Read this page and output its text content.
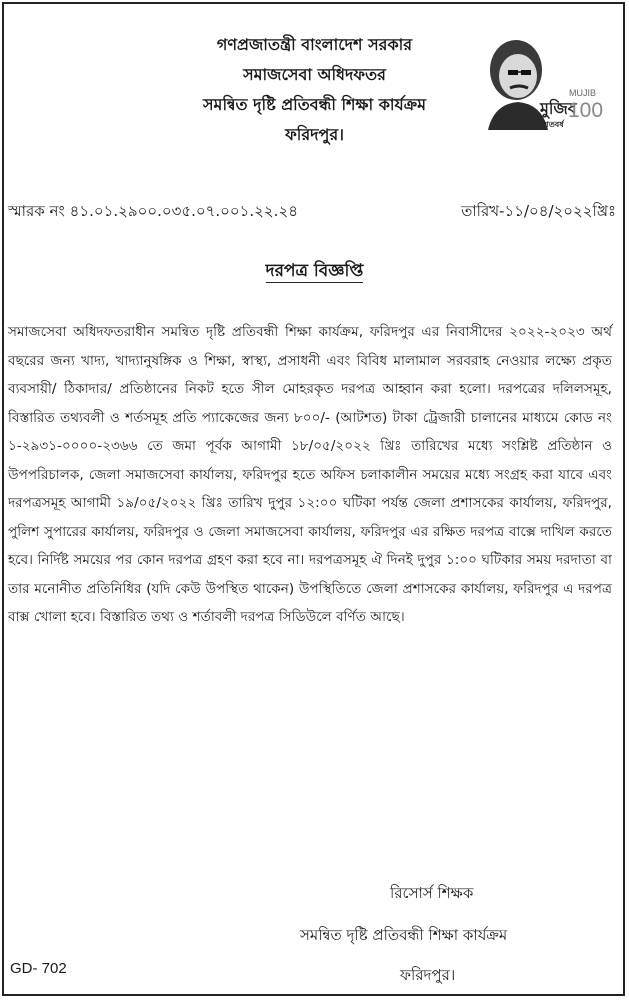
গণপ্রজাতন্ত্রী বাংলাদেশ সরকার
সমাজসেবা অধিদফতর
সমন্বিত দৃষ্টি প্রতিবন্ধী শিক্ষা কার্যক্রম
ফরিদপুর।
মুজিব
MUJIB
100
শতবর্ষ
স্মারক নং ৪১.০১.২৯০০.০৩৫.০৭.০০১.২২.২৪	তারিখ-১১/০৪/২০২২খ্রিঃ
দরপত্র বিজ্ঞপ্তি

সমাজসেবা অধিদফতরাধীন সমন্বিত দৃষ্টি প্রতিবন্ধী শিক্ষা কার্যক্রম, ফরিদপুর এর নিবাসীদের ২০২২-২০২৩ অর্থ বছরের জন্য খাদ্য, খাদ্যানুষঙ্গিক ও শিক্ষা, স্বাস্থ্য, প্রসাধনী এবং বিবিধ মালামাল সরবরাহ নেওয়ার লক্ষ্যে প্রকৃত ব্যবসায়ী/ ঠিকাদার/ প্রতিষ্ঠানের নিকট হতে সীল মোহরকৃত দরপত্র আহ্বান করা হলো। দরপত্রের দলিলসমূহ, বিস্তারিত তথ্যবলী ও শর্তসমূহ প্রতি প্যাকেজের জন্য ৮০০/- (আটশত) টাকা ট্রেজারী চালানের মাধ্যমে কোড নং ১-২৯৩১-০০০০-২৩৬৬ তে জমা পূর্বক আগামী ১৮/০৫/২০২২ খ্রিঃ তারিখের মধ্যে সংশ্লিষ্ট প্রতিষ্ঠান ও উপপরিচালক, জেলা সমাজসেবা কার্যালয়, ফরিদপুর হতে অফিস চলাকালীন সময়ের মধ্যে সংগ্রহ করা যাবে এবং দরপত্রসমূহ আগামী ১৯/০৫/২০২২ খ্রিঃ তারিখ দুপুর ১২:০০ ঘটিকা পর্যন্ত জেলা প্রশাসকের কার্যালয়, ফরিদপুর, পুলিশ সুপারের কার্যালয়, ফরিদপুর ও জেলা সমাজসেবা কার্যালয়, ফরিদপুর এর রক্ষিত দরপত্র বাক্সে দাখিল করতে হবে। নির্দিষ্ট সময়ের পর কোন দরপত্র গ্রহণ করা হবে না। দরপত্রসমূহ ঐ দিনই দুপুর ১:০০ ঘটিকার সময় দরদাতা বা তার মনোনীত প্রতিনিধির (যদি কেউ উপস্থিত থাকেন) উপস্থিতিতে জেলা প্রশাসকের কার্যালয়, ফরিদপুর এ দরপত্র বাক্স খোলা হবে। বিস্তারিত তথ্য ও শর্তাবলী দরপত্র সিডিউলে বর্ণিত আছে।

রিসোর্স শিক্ষক
সমন্বিত দৃষ্টি প্রতিবন্ধী শিক্ষা কার্যক্রম
ফরিদপুর।
GD- 702
